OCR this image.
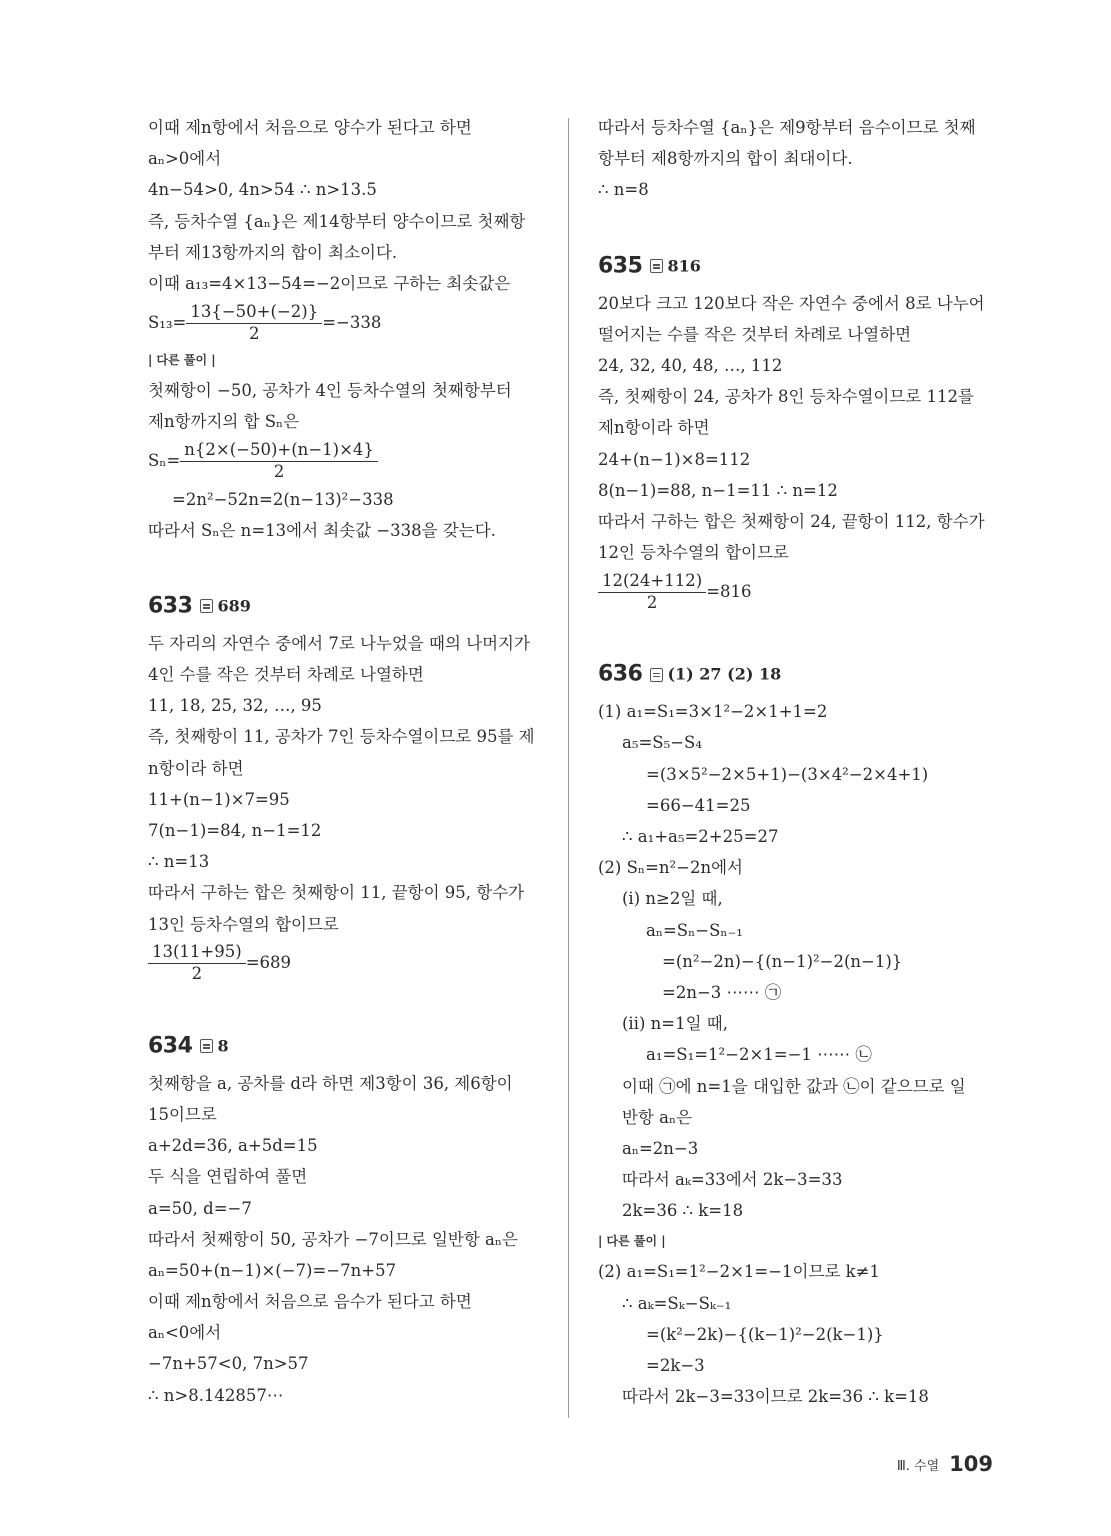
이때 제n항에서 처음으로 양수가 된다고 하면
aₙ>0에서
4n−54>0, 4n>54 ∴ n>13.5
즉, 등차수열 {aₙ}은 제14항부터 양수이므로 첫째항
부터 제13항까지의 합이 최소이다.
이때 a₁₃=4×13−54=−2이므로 구하는 최솟값은
$S_{13}= \frac{13\{-50+(-2)\}}{2} =-338$
| 다른 풀이 |
첫째항이 −50, 공차가 4인 등차수열의 첫째항부터
제n항까지의 합 Sₙ은
$S_n= \frac{n\{2\times(-50)+(n-1)\times 4\}}{2}$
=2n²−52n=2(n−13)²−338
따라서 Sₙ은 n=13에서 최솟값 −338을 갖는다.
633 689
두 자리의 자연수 중에서 7로 나누었을 때의 나머지가
4인 수를 작은 것부터 차례로 나열하면
11, 18, 25, 32, …, 95
즉, 첫째항이 11, 공차가 7인 등차수열이므로 95를 제
n항이라 하면
11+(n−1)×7=95
7(n−1)=84, n−1=12
∴ n=13
따라서 구하는 합은 첫째항이 11, 끝항이 95, 항수가
13인 등차수열의 합이므로
$\frac{13(11+95)}{2} =689$
634 8
첫째항을 a, 공차를 d라 하면 제3항이 36, 제6항이
15이므로
a+2d=36, a+5d=15
두 식을 연립하여 풀면
a=50, d=−7
따라서 첫째항이 50, 공차가 −7이므로 일반항 aₙ은
aₙ=50+(n−1)×(−7)=−7n+57
이때 제n항에서 처음으로 음수가 된다고 하면
aₙ<0에서
−7n+57<0, 7n>57
∴ n>8.142857⋯
따라서 등차수열 {aₙ}은 제9항부터 음수이므로 첫째
항부터 제8항까지의 합이 최대이다.
∴ n=8
635 816
20보다 크고 120보다 작은 자연수 중에서 8로 나누어
떨어지는 수를 작은 것부터 차례로 나열하면
24, 32, 40, 48, …, 112
즉, 첫째항이 24, 공차가 8인 등차수열이므로 112를
제n항이라 하면
24+(n−1)×8=112
8(n−1)=88, n−1=11 ∴ n=12
따라서 구하는 합은 첫째항이 24, 끝항이 112, 항수가
12인 등차수열의 합이므로
$\frac{12(24+112)}{2} =816$
636 (1) 27 (2) 18
(1) a₁=S₁=3×1²−2×1+1=2
a₅=S₅−S₄
=(3×5²−2×5+1)−(3×4²−2×4+1)
=66−41=25
∴ a₁+a₅=2+25=27
(2) Sₙ=n²−2n에서
(ⅰ) n≥2일 때,
aₙ=Sₙ−Sₙ₋₁
=(n²−2n)−{(n−1)²−2(n−1)}
=2n−3 ⋯⋯ ㉠
(ⅱ) n=1일 때,
a₁=S₁=1²−2×1=−1 ⋯⋯ ㉡
이때 ㉠에 n=1을 대입한 값과 ㉡이 같으므로 일
반항 aₙ은
aₙ=2n−3
따라서 aₖ=33에서 2k−3=33
2k=36 ∴ k=18
| 다른 풀이 |
(2) a₁=S₁=1²−2×1=−1이므로 k≠1
∴ aₖ=Sₖ−Sₖ₋₁
=(k²−2k)−{(k−1)²−2(k−1)}
=2k−3
따라서 2k−3=33이므로 2k=36 ∴ k=18
Ⅲ. 수열 109
